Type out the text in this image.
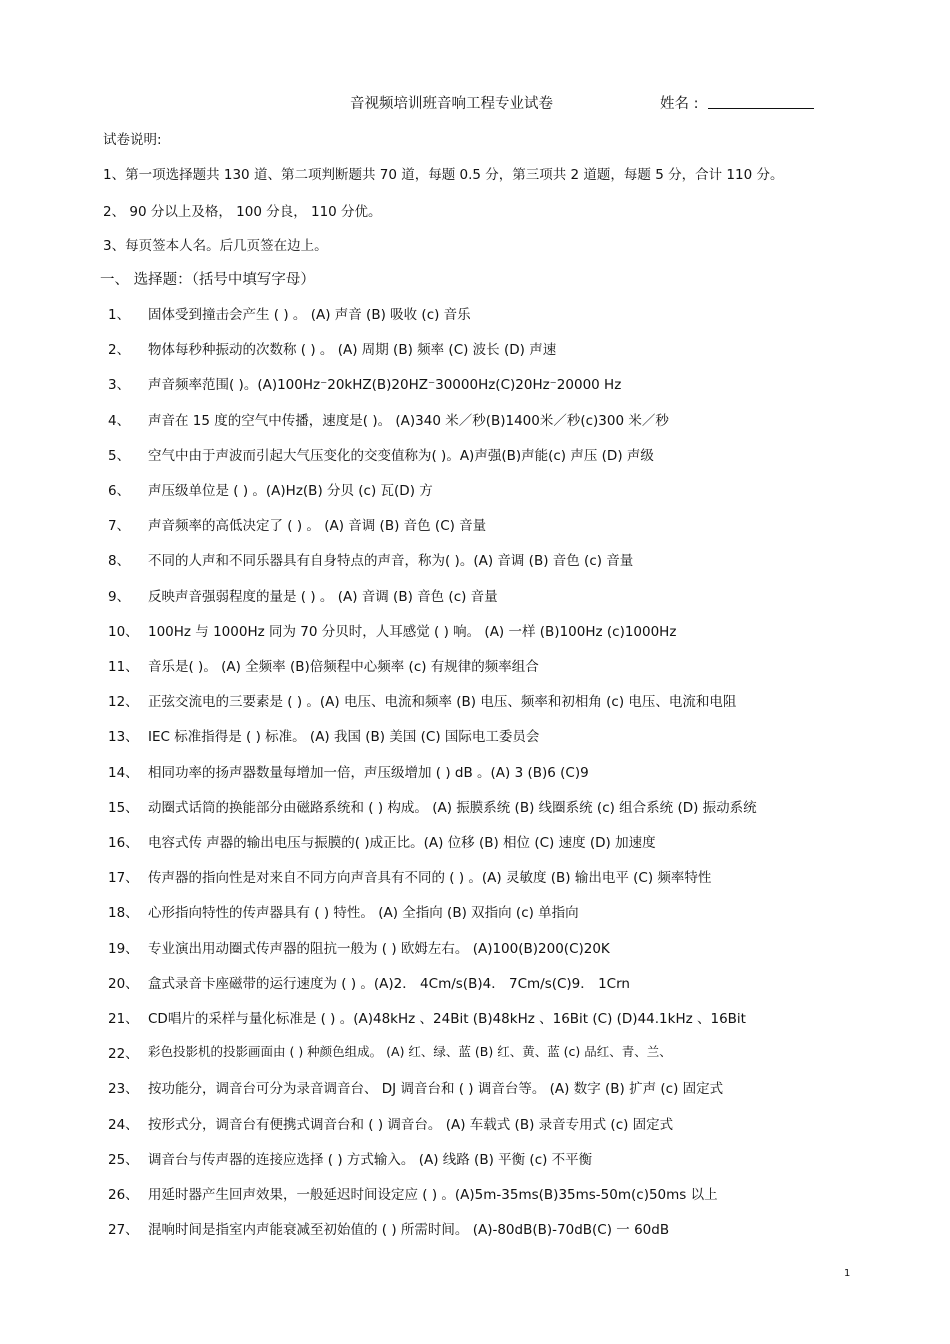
音视频培训班音响工程专业试卷	姓名 :
试卷说明:
1、第一项选择题共 130 道、第二项判断题共 70 道，每题 0.5 分，第三项共 2 道题，每题 5 分，合计 110 分。
2、 90 分以上及格， 100 分良， 110 分优。
3、每页签本人名。后几页签在边上。
一、 选择题：（括号中填写字母）
1、 固体受到撞击会产生 ( ) 。 (A) 声音 (B) 吸收 (c) 音乐
2、 物体每秒种振动的次数称 ( ) 。 (A) 周期 (B) 频率 (C) 波长 (D) 声速
3、 声音频率范围( )。(A)100Hz⁻20kHZ(B)20HZ⁻30000Hz(C)20Hz⁻20000 Hz
4、 声音在 15 度的空气中传播，速度是( )。 (A)340 米／秒(B)1400米／秒(c)300 米／秒
5、 空气中由于声波而引起大气压变化的交变值称为( )。A)声强(B)声能(c) 声压 (D) 声级
6、 声压级单位是 ( ) 。(A)Hz(B) 分贝 (c) 瓦(D) 方
7、 声音频率的高低决定了 ( ) 。 (A) 音调 (B) 音色 (C) 音量
8、 不同的人声和不同乐器具有自身特点的声音，称为( )。(A) 音调 (B) 音色 (c) 音量
9、 反映声音强弱程度的量是 ( ) 。 (A) 音调 (B) 音色 (c) 音量
10、 100Hz 与 1000Hz 同为 70 分贝时，人耳感觉 ( ) 响。 (A) 一样 (B)100Hz (c)1000Hz
11、 音乐是( )。 (A) 全频率 (B)倍频程中心频率 (c) 有规律的频率组合
12、 正弦交流电的三要素是 ( ) 。(A) 电压、电流和频率 (B) 电压、频率和初相角 (c) 电压、电流和电阻
13、 IEC 标准指得是 ( ) 标准。 (A) 我国 (B) 美国 (C) 国际电工委员会
14、 相同功率的扬声器数量每增加一倍，声压级增加 ( ) dB 。(A) 3 (B)6 (C)9
15、 动圈式话筒的换能部分由磁路系统和 ( ) 构成。 (A) 振膜系统 (B) 线圈系统 (c) 组合系统 (D) 振动系统
16、 电容式传 声器的输出电压与振膜的( )成正比。(A) 位移 (B) 相位 (C) 速度 (D) 加速度
17、 传声器的指向性是对来自不同方向声音具有不同的 ( ) 。(A) 灵敏度 (B) 输出电平 (C) 频率特性
18、 心形指向特性的传声器具有 ( ) 特性。 (A) 全指向 (B) 双指向 (c) 单指向
19、 专业演出用动圈式传声器的阻抗一般为 ( ) 欧姆左右。 (A)100(B)200(C)20K
20、 盒式录音卡座磁带的运行速度为 ( ) 。(A)2． 4Cm∕s(B)4． 7Cm∕s(C)9． 1Crn
21、 CD唱片的采样与量化标准是 ( ) 。(A)48kHz 、24Bit (B)48kHz 、16Bit (C) (D)44.1kHz 、16Bit
22、 彩色投影机的投影画面由 ( ) 种颜色组成。 (A) 红、绿、蓝 (B) 红、黄、蓝 (c) 品红、青、兰、
23、 按功能分，调音台可分为录音调音台、 DJ 调音台和 ( ) 调音台等。 (A) 数字 (B) 扩声 (c) 固定式
24、 按形式分，调音台有便携式调音台和 ( ) 调音台。 (A) 车载式 (B) 录音专用式 (c) 固定式
25、 调音台与传声器的连接应选择 ( ) 方式输入。 (A) 线路 (B) 平衡 (c) 不平衡
26、 用延时器产生回声效果，一般延迟时间设定应 ( ) 。(A)5m-35ms(B)35ms-50m(c)50ms 以上
27、 混响时间是指室内声能衰减至初始值的 ( ) 所需时间。 (A)-80dB(B)-70dB(C) 一 60dB
1
